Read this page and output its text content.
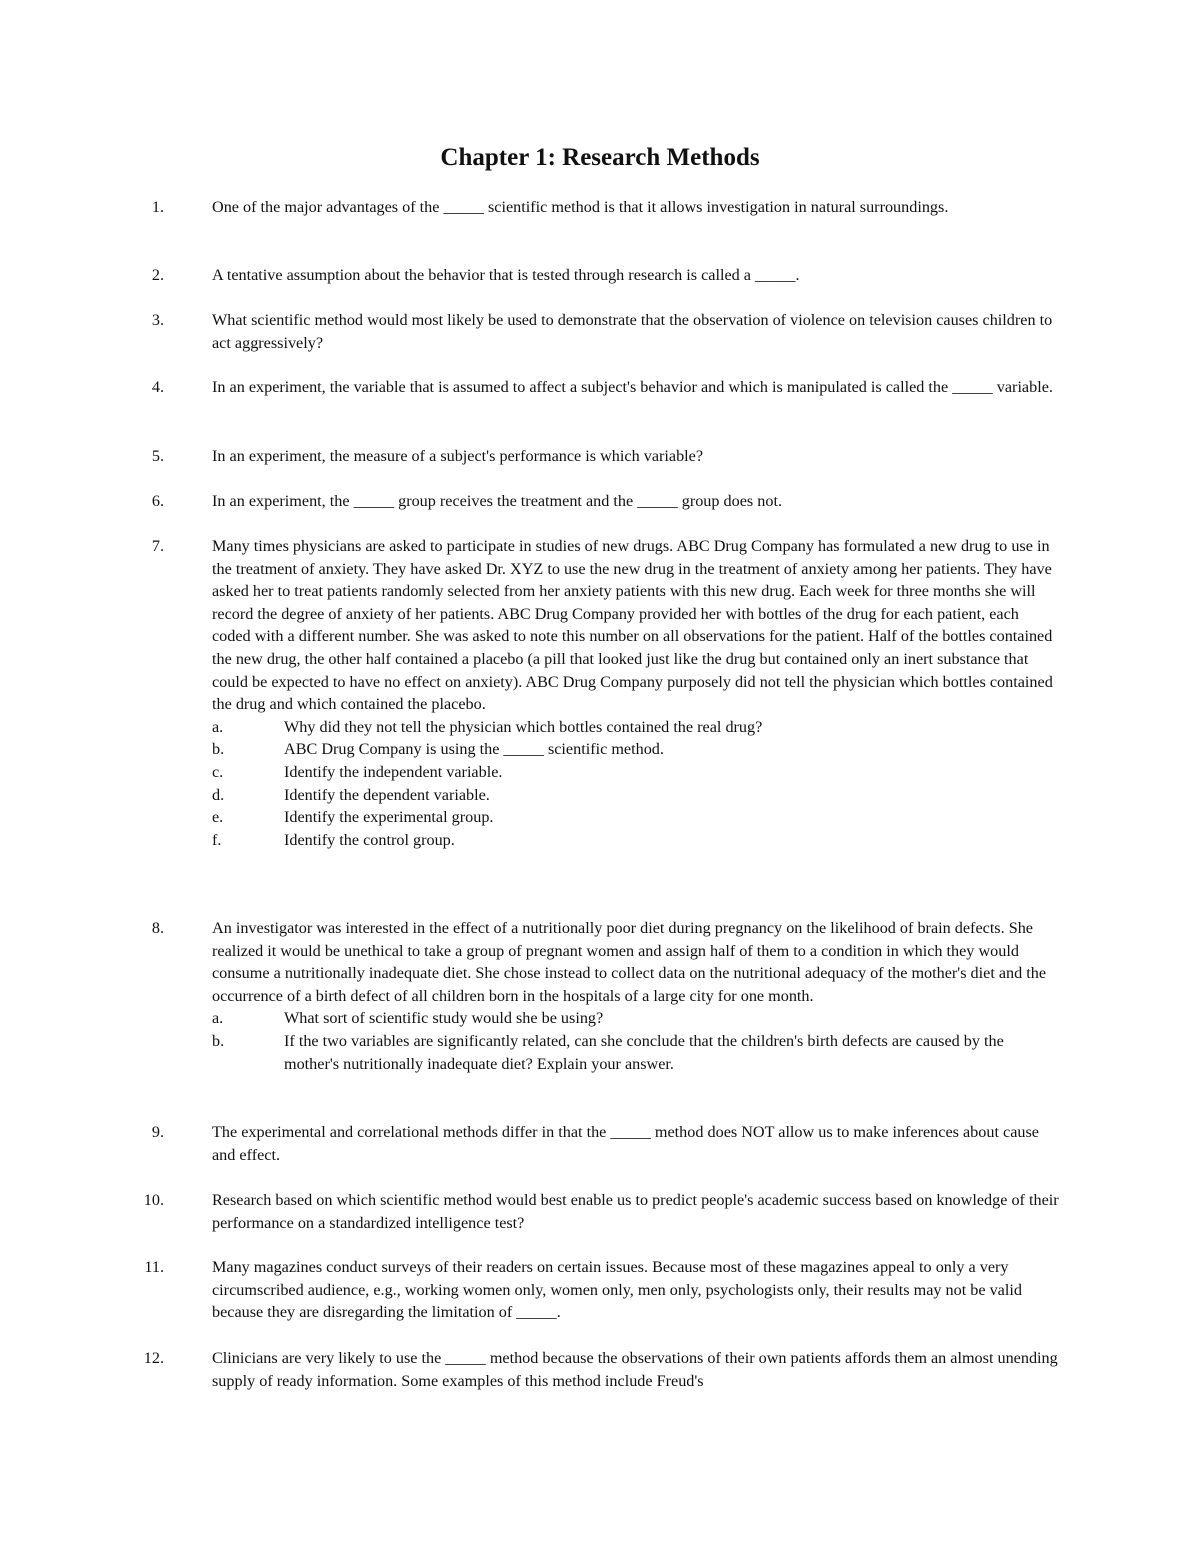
Chapter 1: Research Methods
1.	One of the major advantages of the _____ scientific method is that it allows investigation in natural surroundings.
2.	A tentative assumption about the behavior that is tested through research is called a _____.
3.	What scientific method would most likely be used to demonstrate that the observation of violence on television causes children to act aggressively?
4.	In an experiment, the variable that is assumed to affect a subject's behavior and which is manipulated is called the _____ variable.
5.	In an experiment, the measure of a subject's performance is which variable?
6.	In an experiment, the _____ group receives the treatment and the _____ group does not.
7.	Many times physicians are asked to participate in studies of new drugs. ABC Drug Company has formulated a new drug to use in the treatment of anxiety. They have asked Dr. XYZ to use the new drug in the treatment of anxiety among her patients. They have asked her to treat patients randomly selected from her anxiety patients with this new drug. Each week for three months she will record the degree of anxiety of her patients. ABC Drug Company provided her with bottles of the drug for each patient, each coded with a different number. She was asked to note this number on all observations for the patient. Half of the bottles contained the new drug, the other half contained a placebo (a pill that looked just like the drug but contained only an inert substance that could be expected to have no effect on anxiety). ABC Drug Company purposely did not tell the physician which bottles contained the drug and which contained the placebo.
a.	Why did they not tell the physician which bottles contained the real drug?
b.	ABC Drug Company is using the _____ scientific method.
c.	Identify the independent variable.
d.	Identify the dependent variable.
e.	Identify the experimental group.
f.	Identify the control group.
8.	An investigator was interested in the effect of a nutritionally poor diet during pregnancy on the likelihood of brain defects. She realized it would be unethical to take a group of pregnant women and assign half of them to a condition in which they would consume a nutritionally inadequate diet. She chose instead to collect data on the nutritional adequacy of the mother's diet and the occurrence of a birth defect of all children born in the hospitals of a large city for one month.
a.	What sort of scientific study would she be using?
b.	If the two variables are significantly related, can she conclude that the children's birth defects are caused by the mother's nutritionally inadequate diet? Explain your answer.
9.	The experimental and correlational methods differ in that the _____ method does NOT allow us to make inferences about cause and effect.
10.	Research based on which scientific method would best enable us to predict people's academic success based on knowledge of their performance on a standardized intelligence test?
11.	Many magazines conduct surveys of their readers on certain issues. Because most of these magazines appeal to only a very circumscribed audience, e.g., working women only, women only, men only, psychologists only, their results may not be valid because they are disregarding the limitation of _____.
12.	Clinicians are very likely to use the _____ method because the observations of their own patients affords them an almost unending supply of ready information. Some examples of this method include Freud's
